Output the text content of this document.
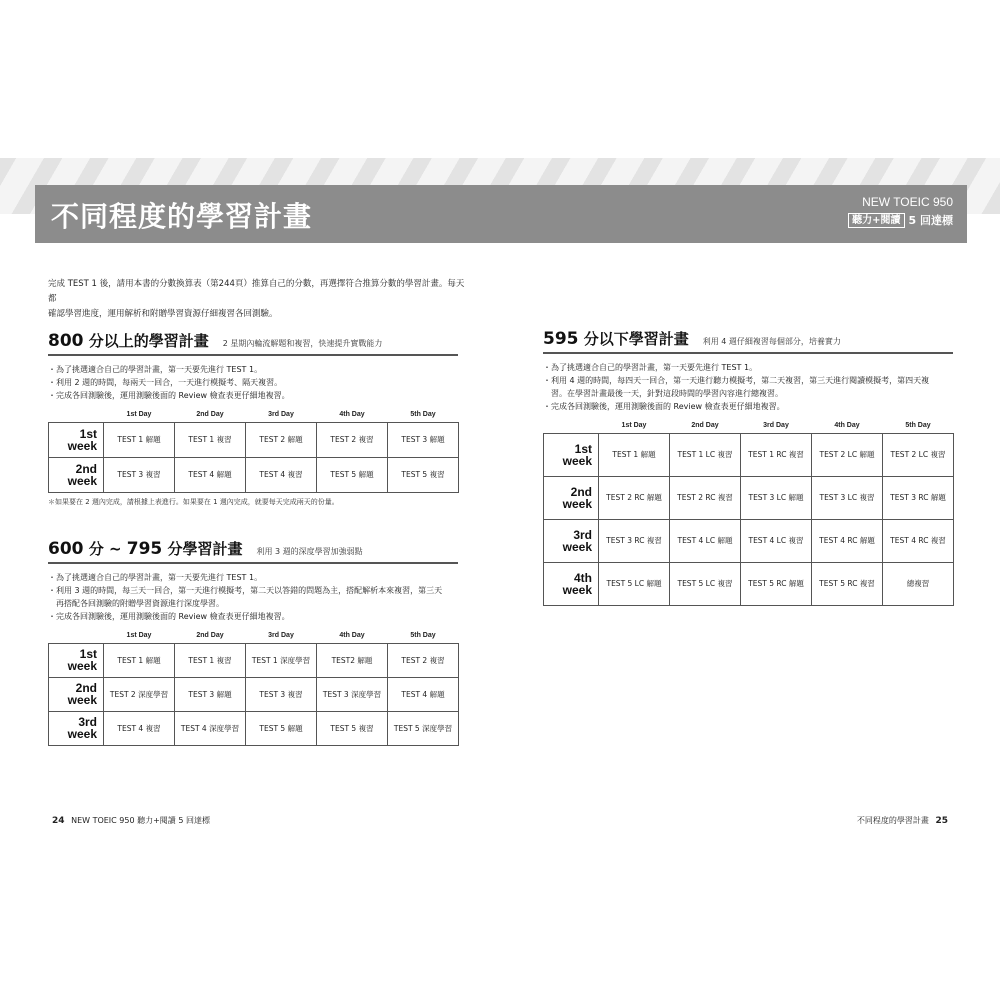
不同程度的學習計畫	NEW TOEIC 950
聽力+閱讀 5 回達標
完成 TEST 1 後，請用本書的分數換算表（第244頁）推算自己的分數，再選擇符合推算分數的學習計畫。每天都
確認學習進度，運用解析和附贈學習資源仔細複習各回測驗。
800 分以上的學習計畫 2 星期內輪流解題和複習，快速提升實戰能力
・為了挑選適合自己的學習計畫，第一天要先進行 TEST 1。
・利用 2 週的時間，每兩天一回合，一天進行模擬考、隔天複習。
・完成各回測驗後，運用測驗後面的 Review 檢查表更仔細地複習。
	1st Day	2nd Day	3rd Day	4th Day	5th Day
1st
week	TEST 1 解題	TEST 1 複習	TEST 2 解題	TEST 2 複習	TEST 3 解題
2nd
week	TEST 3 複習	TEST 4 解題	TEST 4 複習	TEST 5 解題	TEST 5 複習
＊如果要在 2 週內完成，請根據上表進行。如果要在 1 週內完成，就要每天完成兩天的份量。
600 分 ~ 795 分學習計畫 利用 3 週的深度學習加強弱點
・為了挑選適合自己的學習計畫，第一天要先進行 TEST 1。
・利用 3 週的時間，每三天一回合，第一天進行模擬考，第二天以答錯的問題為主，搭配解析本來複習，第三天
　再搭配各回測驗的附贈學習資源進行深度學習。
・完成各回測驗後，運用測驗後面的 Review 檢查表更仔細地複習。
	1st Day	2nd Day	3rd Day	4th Day	5th Day
1st
week	TEST 1 解題	TEST 1 複習	TEST 1 深度學習	TEST2 解題	TEST 2 複習
2nd
week	TEST 2 深度學習	TEST 3 解題	TEST 3 複習	TEST 3 深度學習	TEST 4 解題
3rd
week	TEST 4 複習	TEST 4 深度學習	TEST 5 解題	TEST 5 複習	TEST 5 深度學習
595 分以下學習計畫 利用 4 週仔細複習每個部分，培養實力
・為了挑選適合自己的學習計畫，第一天要先進行 TEST 1。
・利用 4 週的時間，每四天一回合，第一天進行聽力模擬考，第二天複習，第三天進行閱讀模擬考，第四天複
　習。在學習計畫最後一天，針對這段時間的學習內容進行總複習。
・完成各回測驗後，運用測驗後面的 Review 檢查表更仔細地複習。
	1st Day	2nd Day	3rd Day	4th Day	5th Day
1st
week	TEST 1 解題	TEST 1 LC 複習	TEST 1 RC 複習	TEST 2 LC 解題	TEST 2 LC 複習
2nd
week	TEST 2 RC 解題	TEST 2 RC 複習	TEST 3 LC 解題	TEST 3 LC 複習	TEST 3 RC 解題
3rd
week	TEST 3 RC 複習	TEST 4 LC 解題	TEST 4 LC 複習	TEST 4 RC 解題	TEST 4 RC 複習
4th
week	TEST 5 LC 解題	TEST 5 LC 複習	TEST 5 RC 解題	TEST 5 RC 複習	總複習
24 NEW TOEIC 950 聽力+閱讀 5 回達標	不同程度的學習計畫 25
